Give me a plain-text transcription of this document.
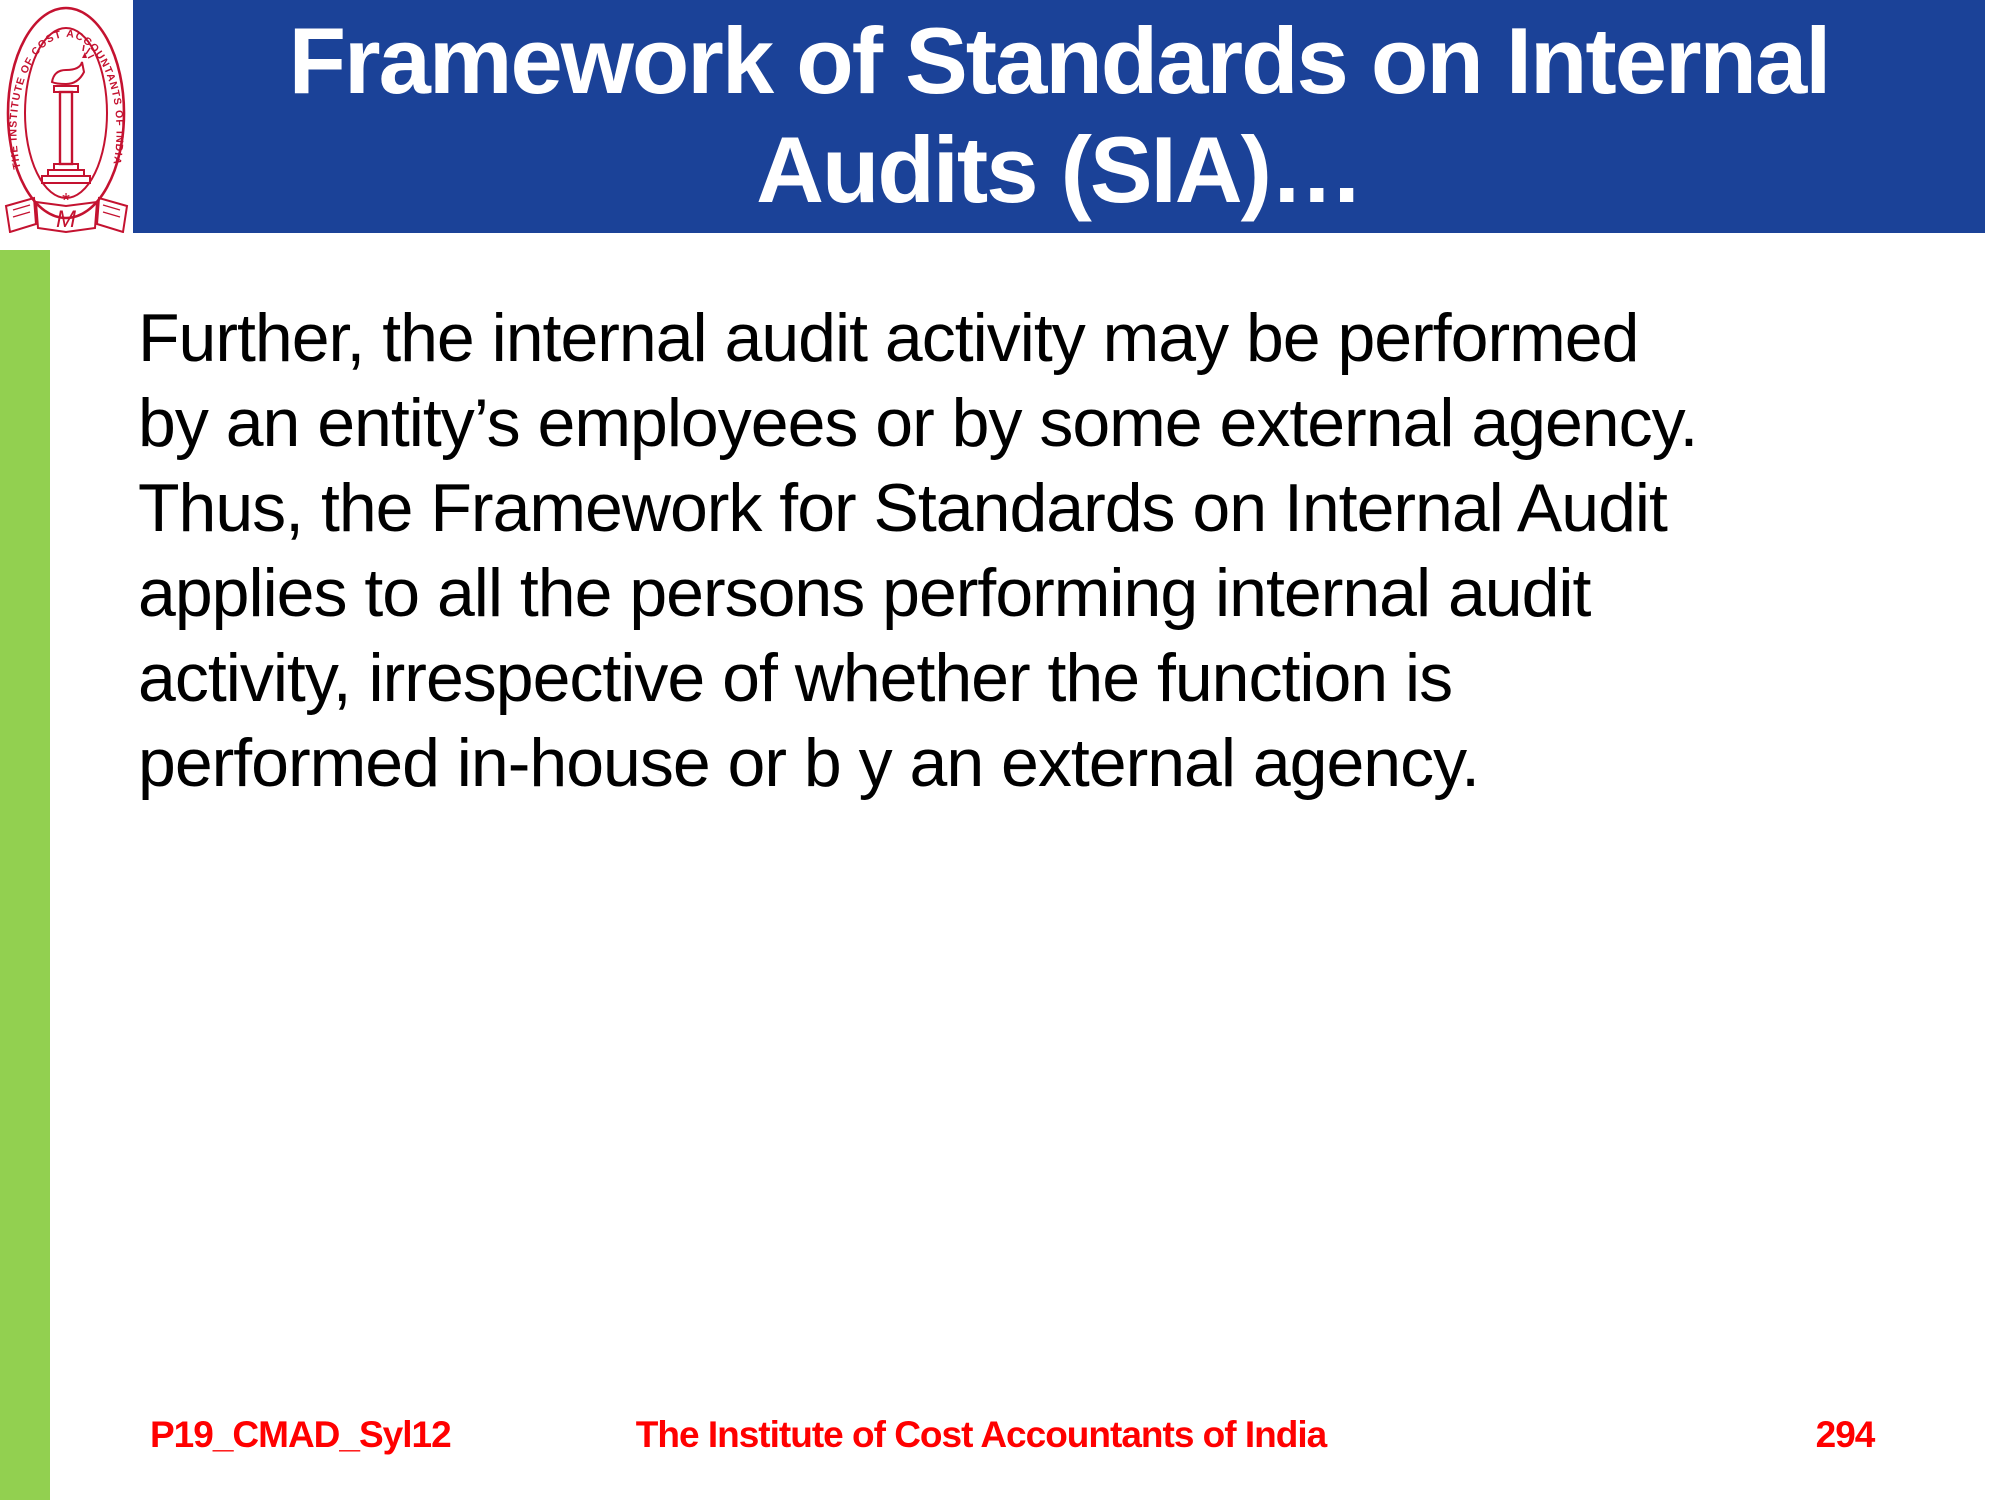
Framework of Standards on Internal
Audits (SIA)…
THE INSTITUTE OF COST ACCOUNTANTS OF INDIA
*
M
Further, the internal audit activity may be performed
by an entity’s employees or by some external agency.
Thus, the Framework for Standards on Internal Audit
applies to all the persons performing internal audit
activity, irrespective of whether the function is
performed in-house or b y an external agency.
P19_CMAD_Syl12	The Institute of Cost Accountants of India	294
